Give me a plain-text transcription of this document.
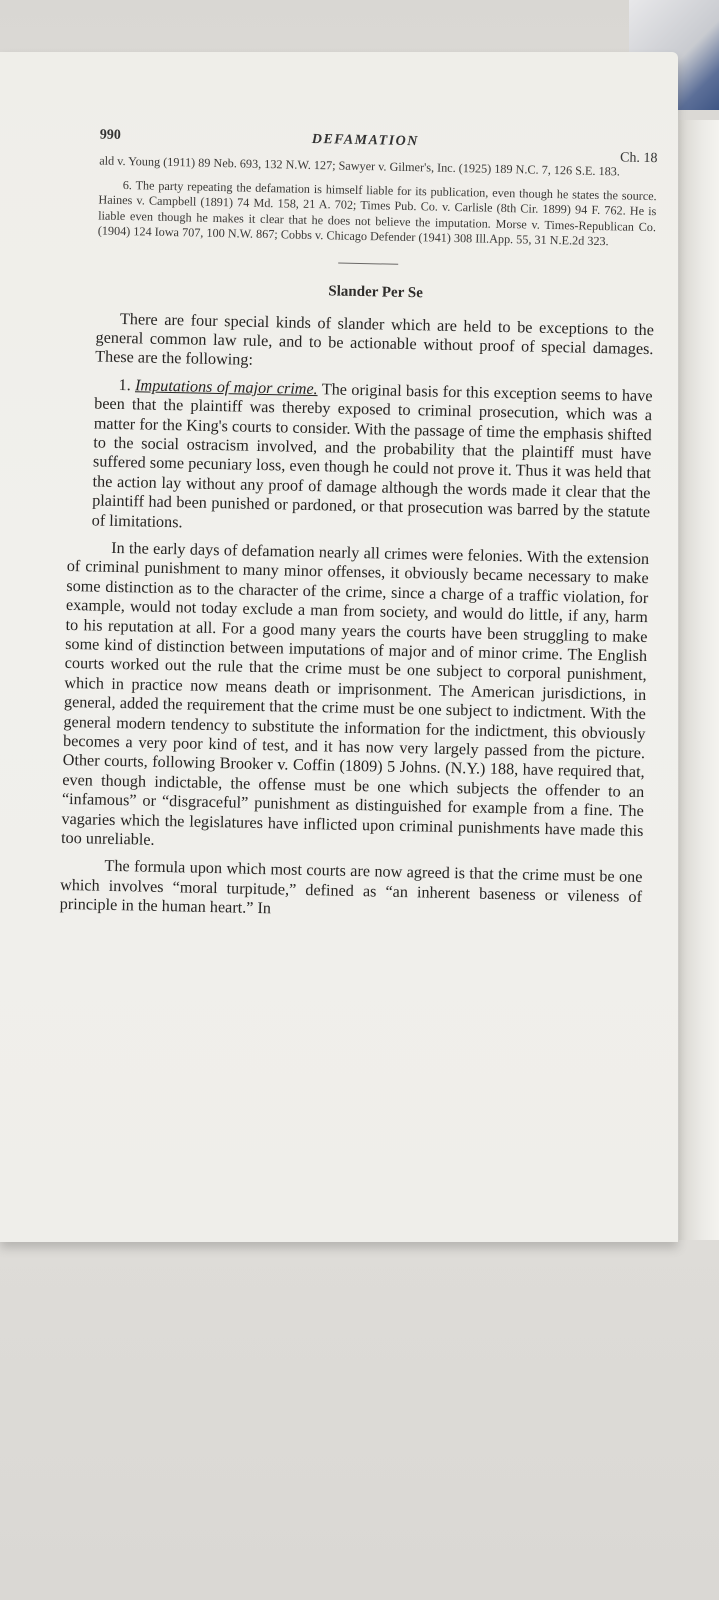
990	DEFAMATION
Ch. 18

ald v. Young (1911) 89 Neb. 693, 132 N.W. 127; Sawyer v. Gilmer's, Inc. (1925) 189 N.C. 7, 126 S.E. 183.

6. The party repeating the defamation is himself liable for its publication, even though he states the source. Haines v. Campbell (1891) 74 Md. 158, 21 A. 702; Times Pub. Co. v. Carlisle (8th Cir. 1899) 94 F. 762. He is liable even though he makes it clear that he does not believe the imputation. Morse v. Times-Republican Co. (1904) 124 Iowa 707, 100 N.W. 867; Cobbs v. Chicago Defender (1941) 308 Ill.App. 55, 31 N.E.2d 323.

Slander Per Se

There are four special kinds of slander which are held to be exceptions to the general common law rule, and to be actionable without proof of special damages. These are the following:

1. Imputations of major crime. The original basis for this exception seems to have been that the plaintiff was thereby exposed to criminal prosecution, which was a matter for the King's courts to consider. With the passage of time the emphasis shifted to the social ostracism involved, and the probability that the plaintiff must have suffered some pecuniary loss, even though he could not prove it. Thus it was held that the action lay without any proof of damage although the words made it clear that the plaintiff had been punished or pardoned, or that prosecution was barred by the statute of limitations.

In the early days of defamation nearly all crimes were felonies. With the extension of criminal punishment to many minor offenses, it obviously became necessary to make some distinction as to the character of the crime, since a charge of a traffic violation, for example, would not today exclude a man from society, and would do little, if any, harm to his reputation at all. For a good many years the courts have been struggling to make some kind of distinction between imputations of major and of minor crime. The English courts worked out the rule that the crime must be one subject to corporal punishment, which in practice now means death or imprisonment. The American jurisdictions, in general, added the requirement that the crime must be one subject to indictment. With the general modern tendency to substitute the information for the indictment, this obviously becomes a very poor kind of test, and it has now very largely passed from the picture. Other courts, following Brooker v. Coffin (1809) 5 Johns. (N.Y.) 188, have required that, even though indictable, the offense must be one which subjects the offender to an “infamous” or “disgraceful” punishment as distinguished for example from a fine. The vagaries which the legislatures have inflicted upon criminal punishments have made this too unreliable.

The formula upon which most courts are now agreed is that the crime must be one which involves “moral turpitude,” defined as “an inherent baseness or vileness of principle in the human heart.” In
